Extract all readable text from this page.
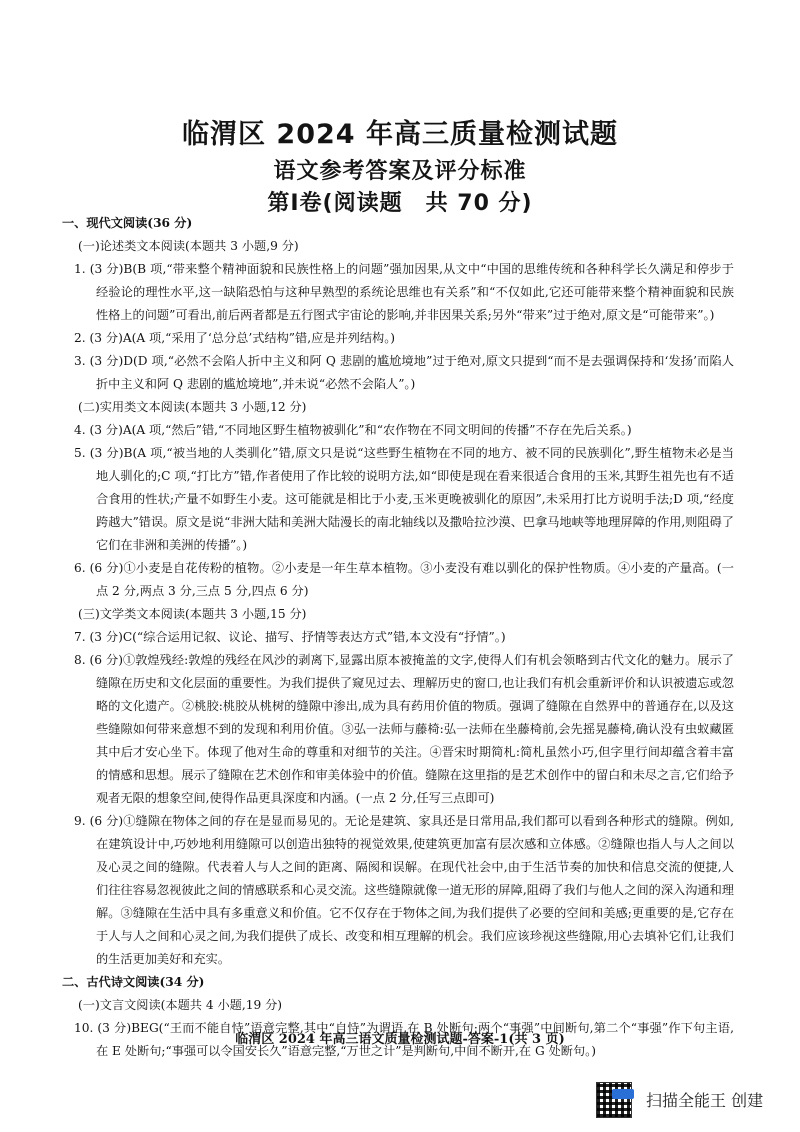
临渭区 2024 年高三质量检测试题
语文参考答案及评分标准
第Ⅰ卷(阅读题　共 70 分)
一、现代文阅读(36 分)
(一)论述类文本阅读(本题共 3 小题,9 分)
1. (3 分)B(B 项,“带来整个精神面貌和民族性格上的问题”强加因果,从文中“中国的思维传统和各种科学长久满足和停步于经验论的理性水平,这一缺陷恐怕与这种早熟型的系统论思维也有关系”和“不仅如此,它还可能带来整个精神面貌和民族性格上的问题”可看出,前后两者都是五行图式宇宙论的影响,并非因果关系;另外“带来”过于绝对,原文是“可能带来”。)
2. (3 分)A(A 项,“采用了‘总分总’式结构”错,应是并列结构。)
3. (3 分)D(D 项,“必然不会陷人折中主义和阿 Q 悲剧的尴尬境地”过于绝对,原文只提到“而不是去强调保持和‘发扬’而陷人折中主义和阿 Q 悲剧的尴尬境地”,并未说“必然不会陷人”。)
(二)实用类文本阅读(本题共 3 小题,12 分)
4. (3 分)A(A 项,“然后”错,“不同地区野生植物被驯化”和“农作物在不同文明间的传播”不存在先后关系。)
5. (3 分)B(A 项,“被当地的人类驯化”错,原文只是说“这些野生植物在不同的地方、被不同的民族驯化”,野生植物未必是当地人驯化的;C 项,“打比方”错,作者使用了作比较的说明方法,如“即使是现在看来很适合食用的玉米,其野生祖先也有不适合食用的性状;产量不如野生小麦。这可能就是相比于小麦,玉米更晚被驯化的原因”,未采用打比方说明手法;D 项,“经度跨越大”错误。原文是说“非洲大陆和美洲大陆漫长的南北轴线以及撒哈拉沙漠、巴拿马地峡等地理屏障的作用,则阻碍了它们在非洲和美洲的传播”。)
6. (6 分)①小麦是自花传粉的植物。②小麦是一年生草本植物。③小麦没有难以驯化的保护性物质。④小麦的产量高。(一点 2 分,两点 3 分,三点 5 分,四点 6 分)
(三)文学类文本阅读(本题共 3 小题,15 分)
7. (3 分)C(“综合运用记叙、议论、描写、抒情等表达方式”错,本文没有“抒情”。)
8. (6 分)①敦煌残经:敦煌的残经在风沙的剥离下,显露出原本被掩盖的文字,使得人们有机会领略到古代文化的魅力。展示了缝隙在历史和文化层面的重要性。为我们提供了窥见过去、理解历史的窗口,也让我们有机会重新评价和认识被遗忘或忽略的文化遗产。②桃胶:桃胶从桃树的缝隙中渗出,成为具有药用价值的物质。强调了缝隙在自然界中的普通存在,以及这些缝隙如何带来意想不到的发现和利用价值。③弘一法师与藤椅:弘一法师在坐藤椅前,会先摇晃藤椅,确认没有虫蚁藏匿其中后才安心坐下。体现了他对生命的尊重和对细节的关注。④晋宋时期简札:简札虽然小巧,但字里行间却蕴含着丰富的情感和思想。展示了缝隙在艺术创作和审美体验中的价值。缝隙在这里指的是艺术创作中的留白和未尽之言,它们给予观者无限的想象空间,使得作品更具深度和内涵。(一点 2 分,任写三点即可)
9. (6 分)①缝隙在物体之间的存在是显而易见的。无论是建筑、家具还是日常用品,我们都可以看到各种形式的缝隙。例如,在建筑设计中,巧妙地利用缝隙可以创造出独特的视觉效果,使建筑更加富有层次感和立体感。②缝隙也指人与人之间以及心灵之间的缝隙。代表着人与人之间的距离、隔阂和误解。在现代社会中,由于生活节奏的加快和信息交流的便捷,人们往往容易忽视彼此之间的情感联系和心灵交流。这些缝隙就像一道无形的屏障,阻碍了我们与他人之间的深入沟通和理解。③缝隙在生活中具有多重意义和价值。它不仅存在于物体之间,为我们提供了必要的空间和美感;更重要的是,它存在于人与人之间和心灵之间,为我们提供了成长、改变和相互理解的机会。我们应该珍视这些缝隙,用心去填补它们,让我们的生活更加美好和充实。
二、古代诗文阅读(34 分)
(一)文言文阅读(本题共 4 小题,19 分)
10. (3 分)BEG(“王而不能自恃”语意完整,其中“自恃”为谓语,在 B 处断句;两个“事强”中间断句,第二个“事强”作下句主语,在 E 处断句;“事强可以令国安长久”语意完整,“万世之计”是判断句,中间不断开,在 G 处断句。)
临渭区 2024 年高三语文质量检测试题-答案-1(共 3 页)
扫描全能王 创建
